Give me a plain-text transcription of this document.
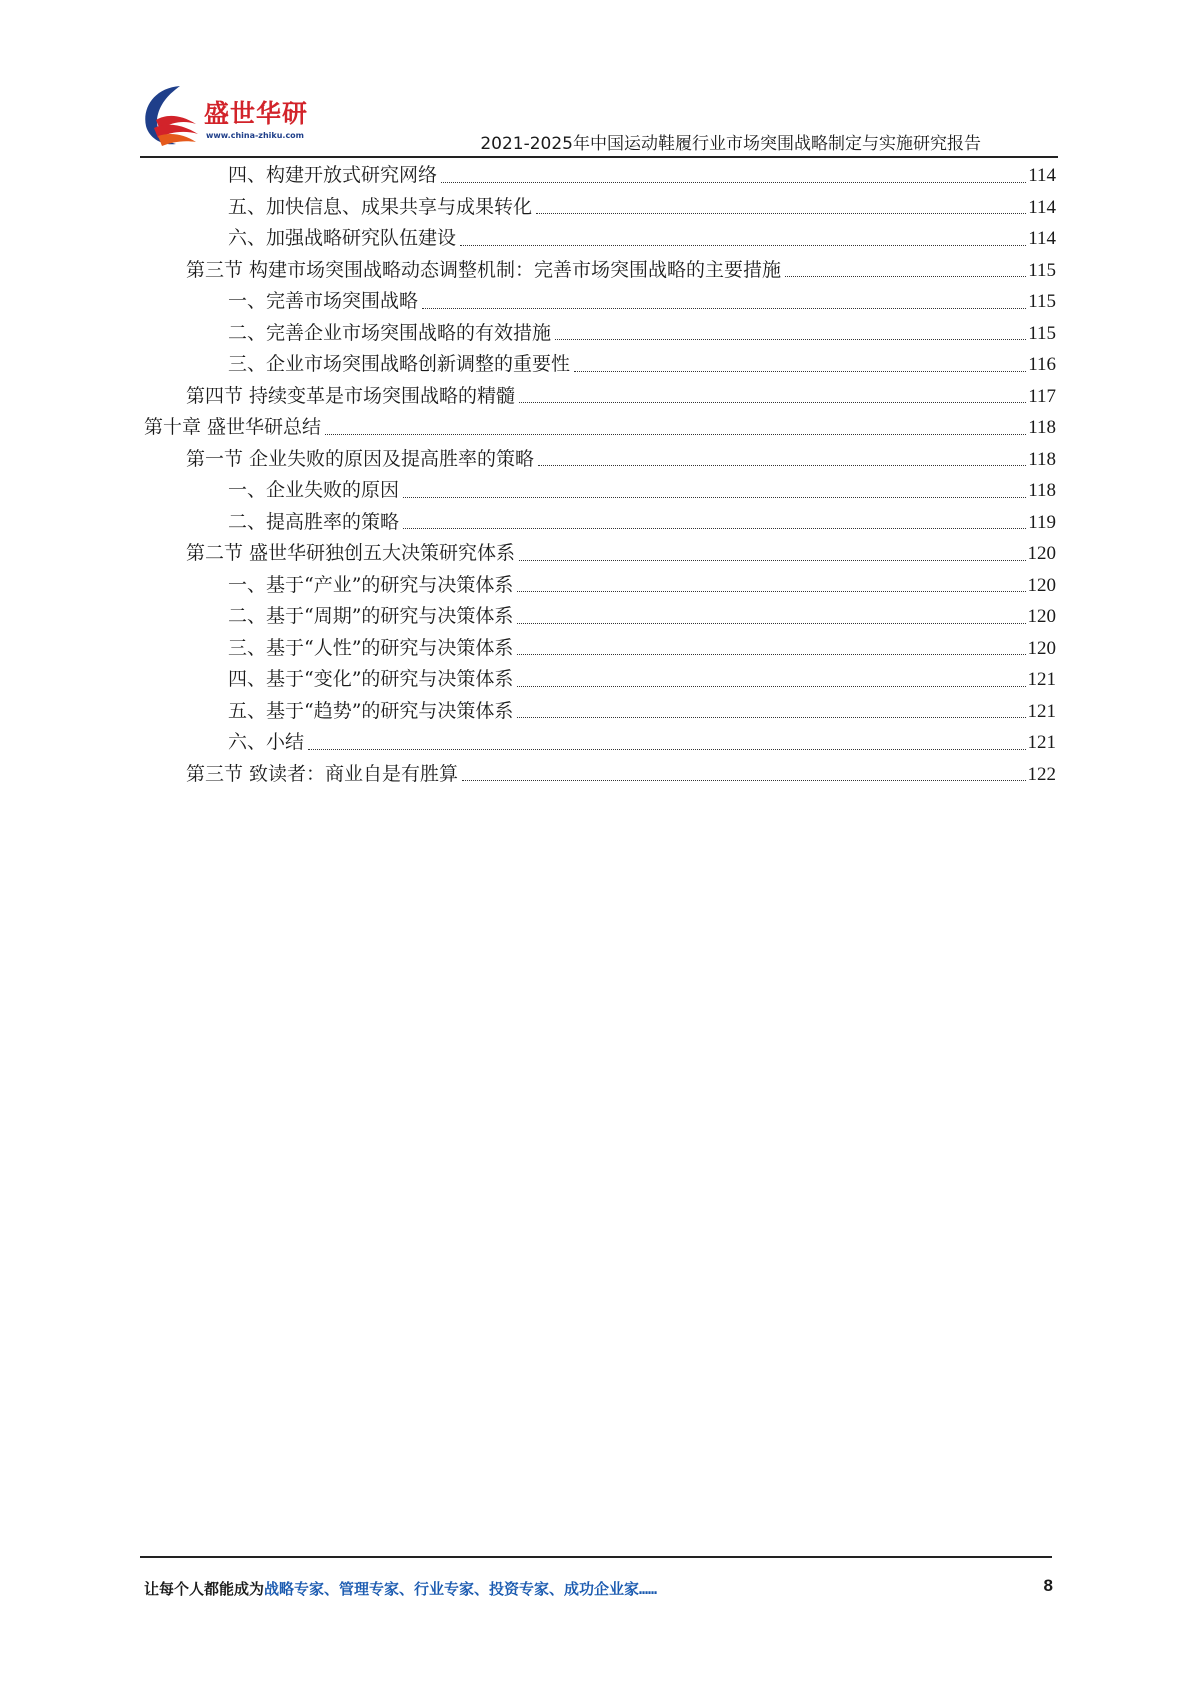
盛世华研
www.china-zhiku.com	2021-2025年中国运动鞋履行业市场突围战略制定与实施研究报告
四、构建开放式研究网络	114
五、加快信息、成果共享与成果转化	114
六、加强战略研究队伍建设	114
第三节 构建市场突围战略动态调整机制：完善市场突围战略的主要措施	115
一、完善市场突围战略	115
二、完善企业市场突围战略的有效措施	115
三、企业市场突围战略创新调整的重要性	116
第四节 持续变革是市场突围战略的精髓	117
第十章 盛世华研总结	118
第一节 企业失败的原因及提高胜率的策略	118
一、企业失败的原因	118
二、提高胜率的策略	119
第二节 盛世华研独创五大决策研究体系	120
一、基于“产业”的研究与决策体系	120
二、基于“周期”的研究与决策体系	120
三、基于“人性”的研究与决策体系	120
四、基于“变化”的研究与决策体系	121
五、基于“趋势”的研究与决策体系	121
六、小结	121
第三节 致读者：商业自是有胜算	122
让每个人都能成为战略专家、管理专家、行业专家、投资专家、成功企业家……	8
